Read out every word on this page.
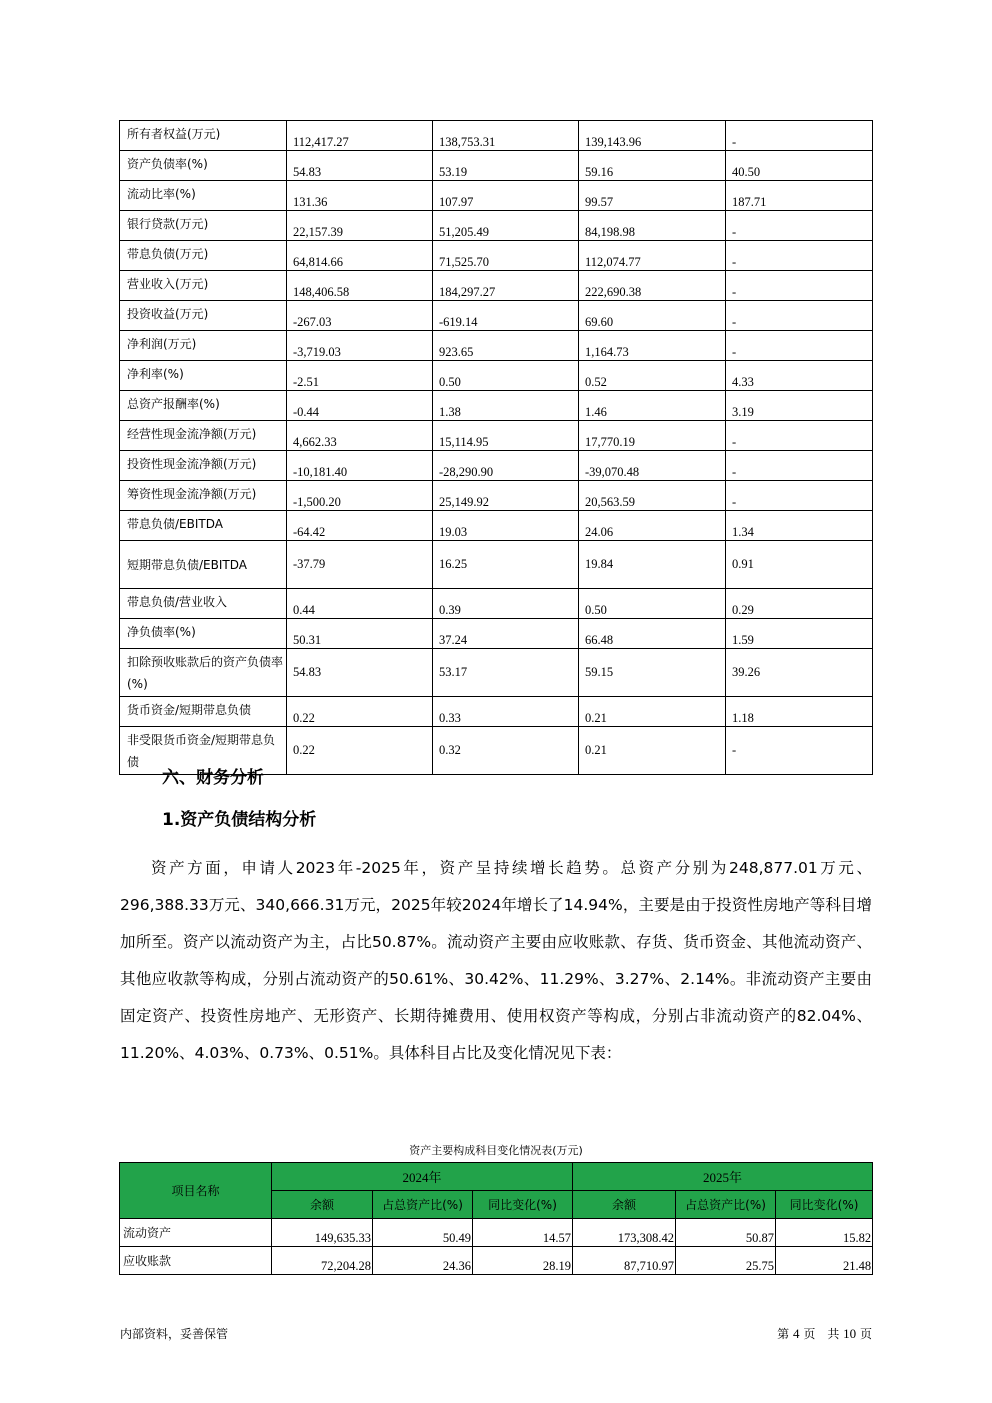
所有者权益(万元)	112,417.27	138,753.31	139,143.96	-

资产负债率(%)	54.83	53.19	59.16	40.50

流动比率(%)	131.36	107.97	99.57	187.71

银行贷款(万元)	22,157.39	51,205.49	84,198.98	-

带息负债(万元)	64,814.66	71,525.70	112,074.77	-

营业收入(万元)	148,406.58	184,297.27	222,690.38	-

投资收益(万元)	-267.03	-619.14	69.60	-

净利润(万元)	-3,719.03	923.65	1,164.73	-

净利率(%)	-2.51	0.50	0.52	4.33

总资产报酬率(%)	-0.44	1.38	1.46	3.19

经营性现金流净额(万元)	4,662.33	15,114.95	17,770.19	-

投资性现金流净额(万元)	-10,181.40	-28,290.90	-39,070.48	-

筹资性现金流净额(万元)	-1,500.20	25,149.92	20,563.59	-

带息负债/EBITDA	-64.42	19.03	24.06	1.34

短期带息负债/EBITDA	-37.79	16.25	19.84	0.91

带息负债/营业收入	0.44	0.39	0.50	0.29

净负债率(%)	50.31	37.24	66.48	1.59

扣除预收账款后的资产负债率(%)	54.83	53.17	59.15	39.26

货币资金/短期带息负债	0.22	0.33	0.21	1.18

非受限货币资金/短期带息负债	0.22	0.32	0.21	-
六、财务分析
1.资产负债结构分析

资产方面，申请人2023年-2025年，资产呈持续增长趋势。总资产分别为248,877.01万元、296,388.33万元、340,666.31万元，2025年较2024年增长了14.94%，主要是由于投资性房地产等科目增加所至。资产以流动资产为主，占比50.87%。流动资产主要由应收账款、存货、货币资金、其他流动资产、其他应收款等构成，分别占流动资产的50.61%、30.42%、11.29%、3.27%、2.14%。非流动资产主要由固定资产、投资性房地产、无形资产、长期待摊费用、使用权资产等构成，分别占非流动资产的82.04%、11.20%、4.03%、0.73%、0.51%。具体科目占比及变化情况见下表：

资产主要构成科目变化情况表(万元)
项目名称	2024年			2025年		
	余额	占总资产比(%)	同比变化(%)	余额	占总资产比(%)	同比变化(%)
流动资产	149,635.33	50.49	14.57	173,308.42	50.87	15.82
应收账款	72,204.28	24.36	28.19	87,710.97	25.75	21.48
内部资料，妥善保管	第 4 页　共 10 页
